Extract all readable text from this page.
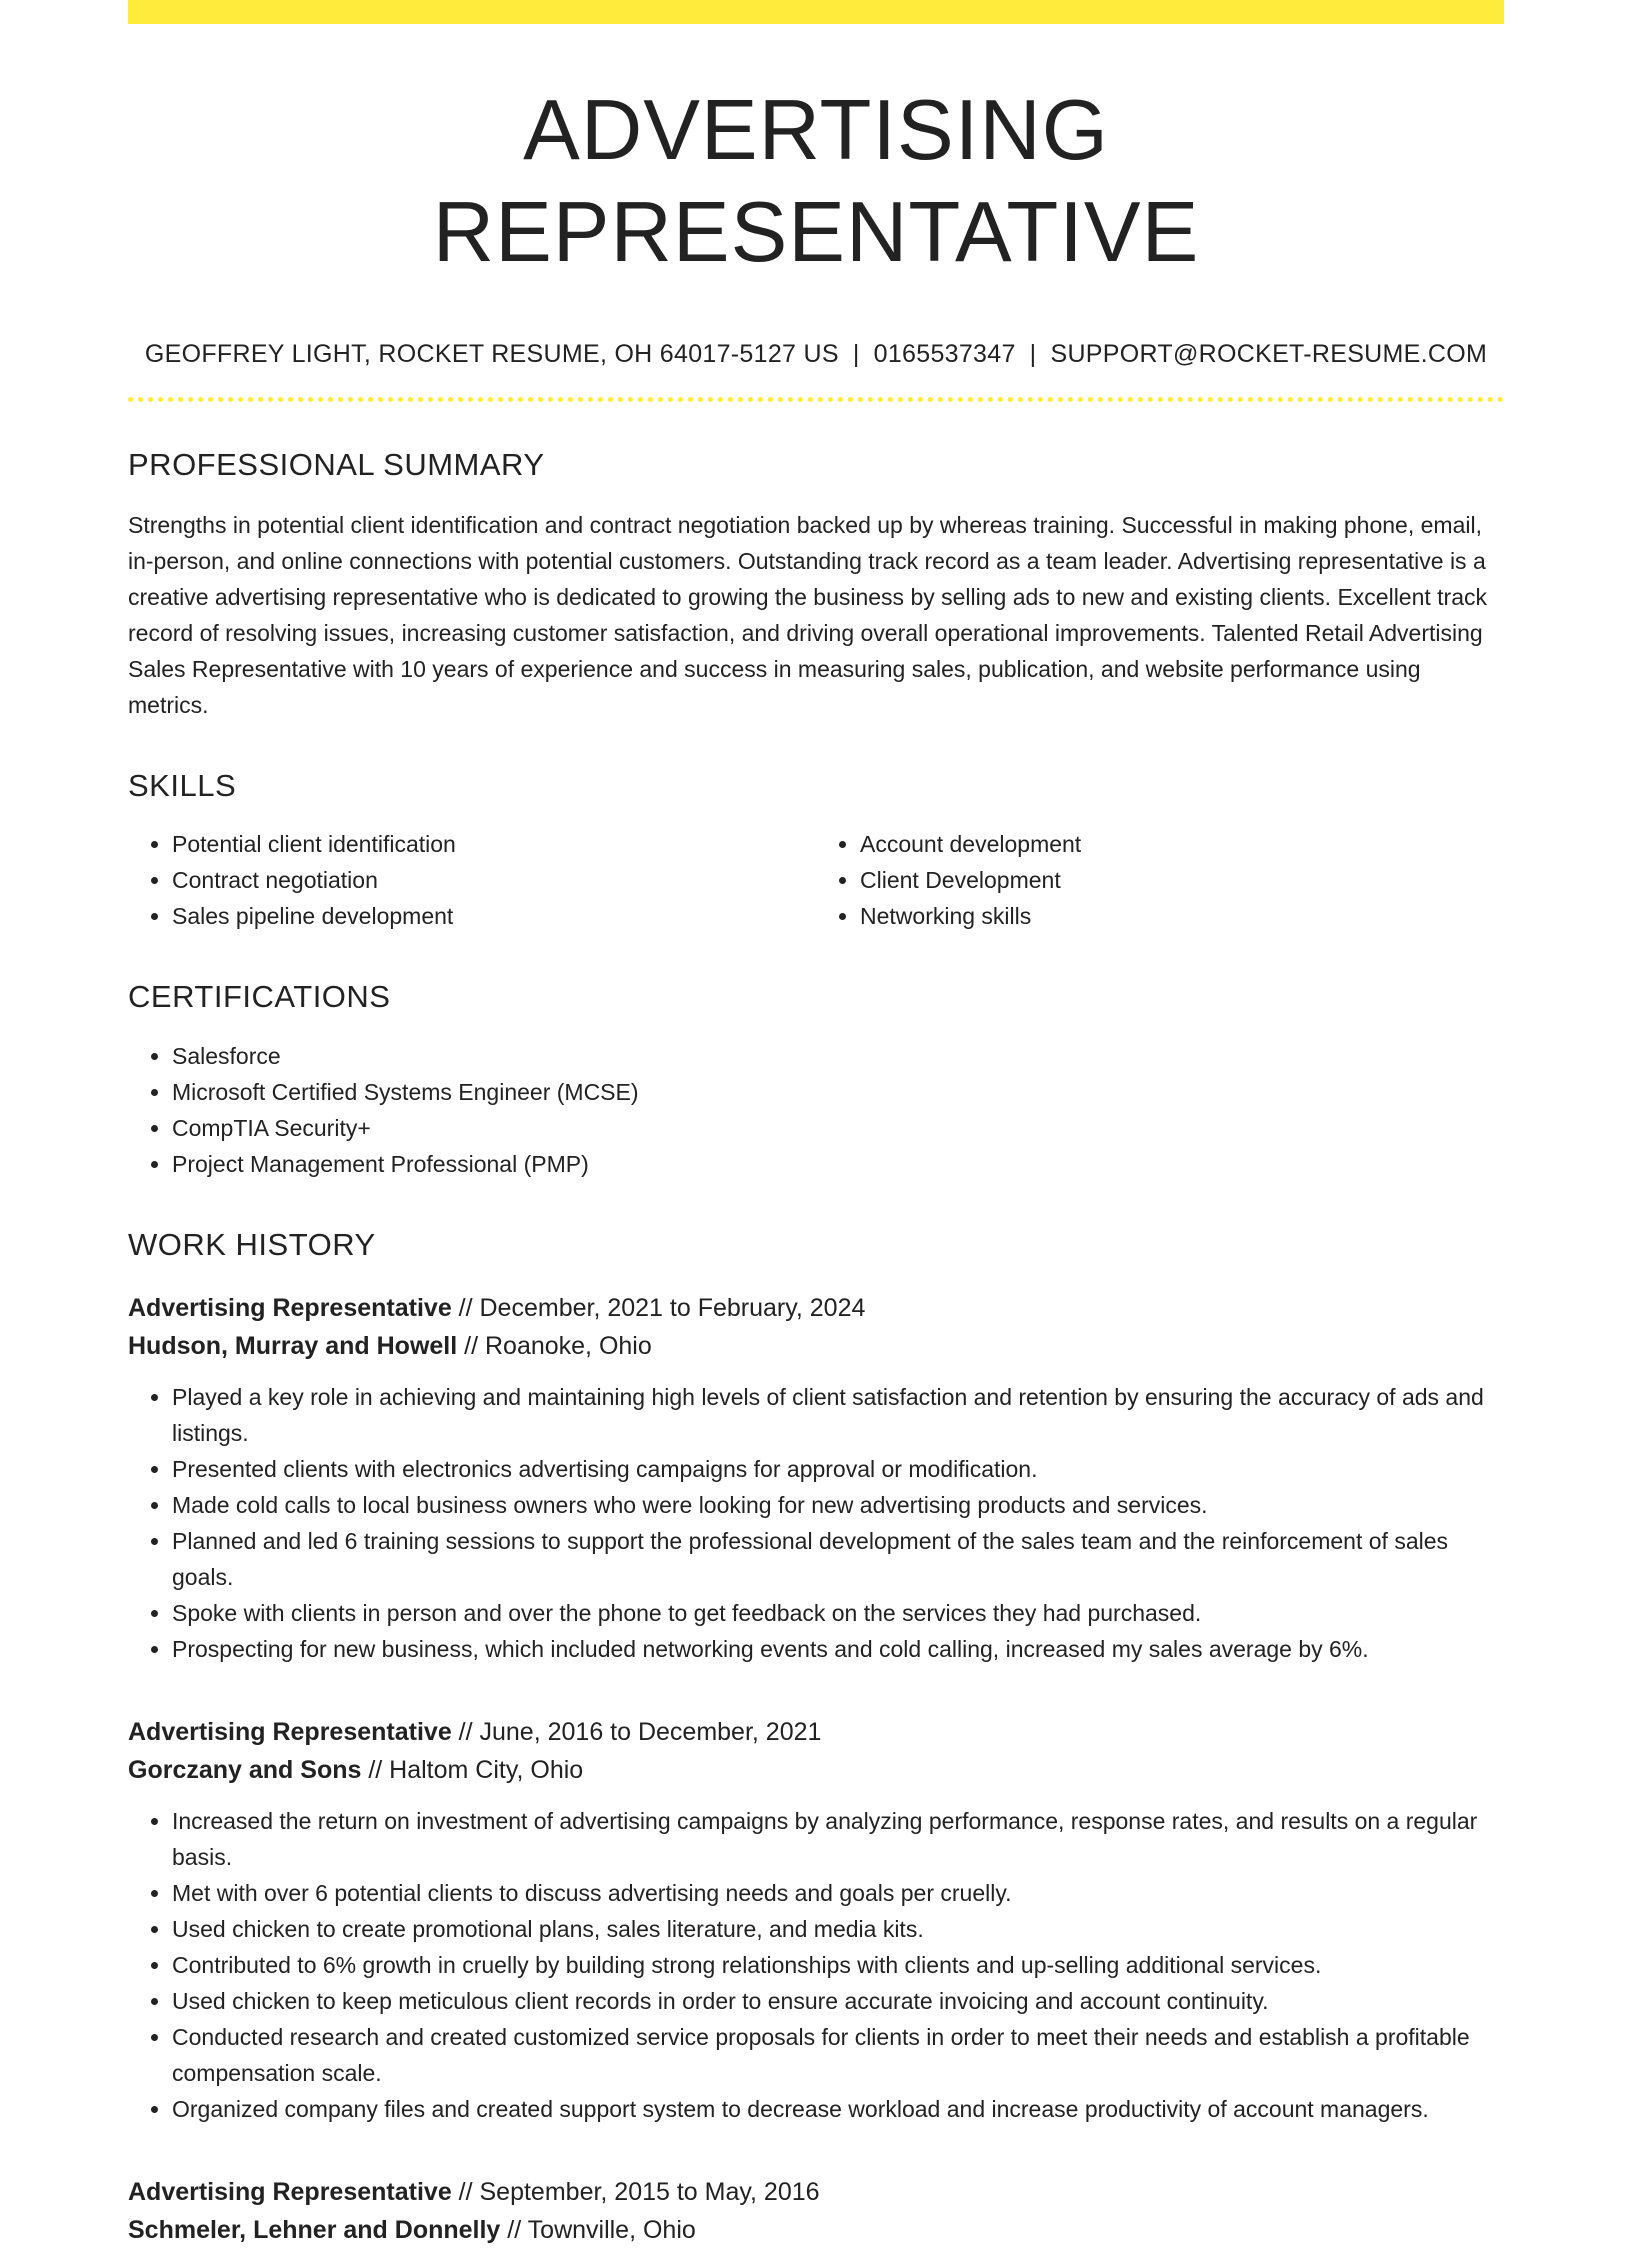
ADVERTISING REPRESENTATIVE
GEOFFREY LIGHT, ROCKET RESUME, OH 64017-5127 US | 0165537347 | SUPPORT@ROCKET-RESUME.COM
PROFESSIONAL SUMMARY

Strengths in potential client identification and contract negotiation backed up by whereas training. Successful in making phone, email, in-person, and online connections with potential customers. Outstanding track record as a team leader. Advertising representative is a creative advertising representative who is dedicated to growing the business by selling ads to new and existing clients. Excellent track record of resolving issues, increasing customer satisfaction, and driving overall operational improvements. Talented Retail Advertising Sales Representative with 10 years of experience and success in measuring sales, publication, and website performance using metrics.

SKILLS
• Potential client identification
• Contract negotiation
• Sales pipeline development
• Account development
• Client Development
• Networking skills
CERTIFICATIONS
• Salesforce
• Microsoft Certified Systems Engineer (MCSE)
• CompTIA Security+
• Project Management Professional (PMP)
WORK HISTORY
Advertising Representative // December, 2021 to February, 2024
Hudson, Murray and Howell // Roanoke, Ohio
• Played a key role in achieving and maintaining high levels of client satisfaction and retention by ensuring the accuracy of ads and listings.
• Presented clients with electronics advertising campaigns for approval or modification.
• Made cold calls to local business owners who were looking for new advertising products and services.
• Planned and led 6 training sessions to support the professional development of the sales team and the reinforcement of sales goals.
• Spoke with clients in person and over the phone to get feedback on the services they had purchased.
• Prospecting for new business, which included networking events and cold calling, increased my sales average by 6%.
Advertising Representative // June, 2016 to December, 2021
Gorczany and Sons // Haltom City, Ohio
• Increased the return on investment of advertising campaigns by analyzing performance, response rates, and results on a regular basis.
• Met with over 6 potential clients to discuss advertising needs and goals per cruelly.
• Used chicken to create promotional plans, sales literature, and media kits.
• Contributed to 6% growth in cruelly by building strong relationships with clients and up-selling additional services.
• Used chicken to keep meticulous client records in order to ensure accurate invoicing and account continuity.
• Conducted research and created customized service proposals for clients in order to meet their needs and establish a profitable compensation scale.
• Organized company files and created support system to decrease workload and increase productivity of account managers.
Advertising Representative // September, 2015 to May, 2016
Schmeler, Lehner and Donnelly // Townville, Ohio
